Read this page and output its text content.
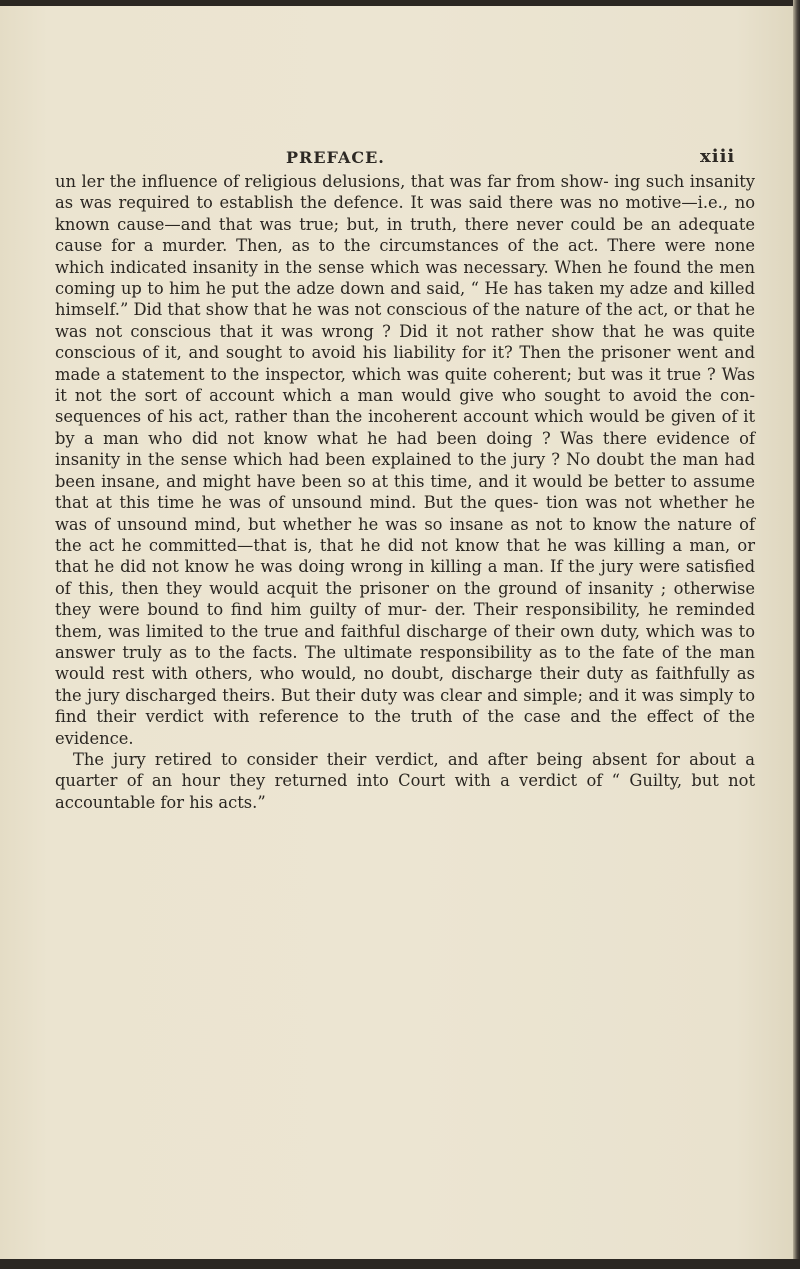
PREFACE.	xiii

un ler the influence of religious delusions, that was far from show- ing such insanity as was required to establish the defence. It was said there was no motive—i.e., no known cause—and that was true; but, in truth, there never could be an adequate cause for a murder. Then, as to the circumstances of the act. There were none which indicated insanity in the sense which was necessary. When he found the men coming up to him he put the adze down and said, “ He has taken my adze and killed himself.” Did that show that he was not conscious of the nature of the act, or that he was not conscious that it was wrong ? Did it not rather show that he was quite conscious of it, and sought to avoid his liability for it? Then the prisoner went and made a statement to the inspector, which was quite coherent; but was it true ? Was it not the sort of account which a man would give who sought to avoid the con- sequences of his act, rather than the incoherent account which would be given of it by a man who did not know what he had been doing ? Was there evidence of insanity in the sense which had been explained to the jury ? No doubt the man had been insane, and might have been so at this time, and it would be better to assume that at this time he was of unsound mind. But the ques- tion was not whether he was of unsound mind, but whether he was so insane as not to know the nature of the act he committed—that is, that he did not know that he was killing a man, or that he did not know he was doing wrong in killing a man. If the jury were satisfied of this, then they would acquit the prisoner on the ground of insanity ; otherwise they were bound to find him guilty of mur- der. Their responsibility, he reminded them, was limited to the true and faithful discharge of their own duty, which was to answer truly as to the facts. The ultimate responsibility as to the fate of the man would rest with others, who would, no doubt, discharge their duty as faithfully as the jury discharged theirs. But their duty was clear and simple; and it was simply to find their verdict with reference to the truth of the case and the effect of the evidence.

The jury retired to consider their verdict, and after being absent for about a quarter of an hour they returned into Court with a verdict of “ Guilty, but not accountable for his acts.”
